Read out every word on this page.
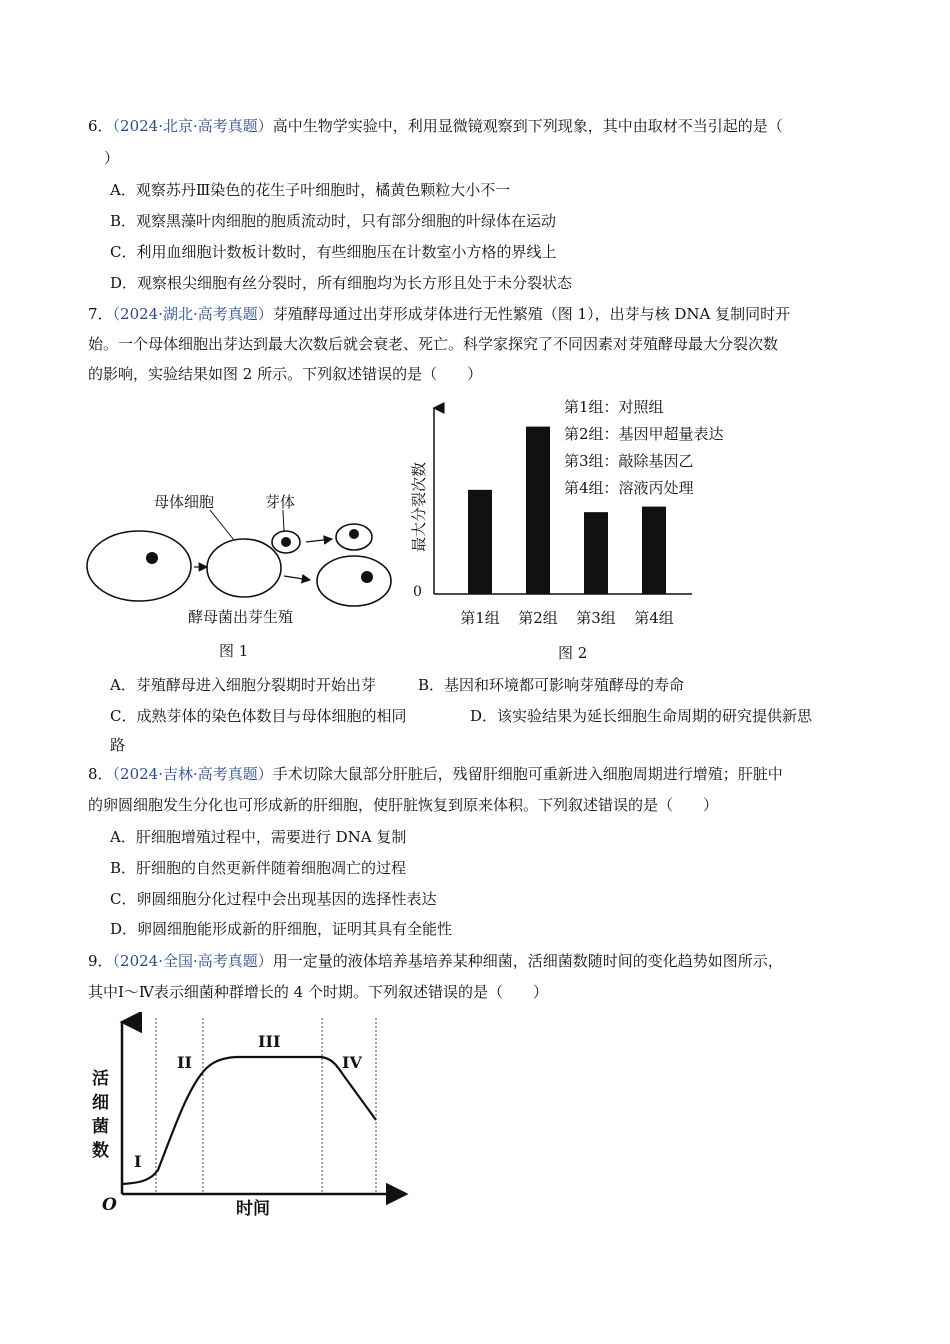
6．（2024·北京·高考真题）高中生物学实验中，利用显微镜观察到下列现象，其中由取材不当引起的是（
）
A．观察苏丹Ⅲ染色的花生子叶细胞时，橘黄色颗粒大小不一
B．观察黑藻叶肉细胞的胞质流动时，只有部分细胞的叶绿体在运动
C．利用血细胞计数板计数时，有些细胞压在计数室小方格的界线上
D．观察根尖细胞有丝分裂时，所有细胞均为长方形且处于未分裂状态
7．（2024·湖北·高考真题）芽殖酵母通过出芽形成芽体进行无性繁殖（图 1），出芽与核 DNA 复制同时开
始。一个母体细胞出芽达到最大次数后就会衰老、死亡。科学家探究了不同因素对芽殖酵母最大分裂次数
的影响，实验结果如图 2 所示。下列叙述错误的是（　　）
母体细胞	芽体
酵母菌出芽生殖
图 1
0
最大分裂次数
第1组 第2组 第3组 第4组
第1组：对照组
第2组：基因甲超量表达
第3组：敲除基因乙
第4组：溶液丙处理
图 2
A．芽殖酵母进入细胞分裂期时开始出芽	B．基因和环境都可影响芽殖酵母的寿命
C．成熟芽体的染色体数目与母体细胞的相同	D．该实验结果为延长细胞生命周期的研究提供新思
路
8．（2024·吉林·高考真题）手术切除大鼠部分肝脏后，残留肝细胞可重新进入细胞周期进行增殖；肝脏中
的卵圆细胞发生分化也可形成新的肝细胞，使肝脏恢复到原来体积。下列叙述错误的是（　　）
A．肝细胞增殖过程中，需要进行 DNA 复制
B．肝细胞的自然更新伴随着细胞凋亡的过程
C．卵圆细胞分化过程中会出现基因的选择性表达
D．卵圆细胞能形成新的肝细胞，证明其具有全能性
9．（2024·全国·高考真题）用一定量的液体培养基培养某种细菌，活细菌数随时间的变化趋势如图所示，
其中Ⅰ～Ⅳ表示细菌种群增长的 4 个时期。下列叙述错误的是（　　）
I
II
III
IV
O	时间
活细菌数
